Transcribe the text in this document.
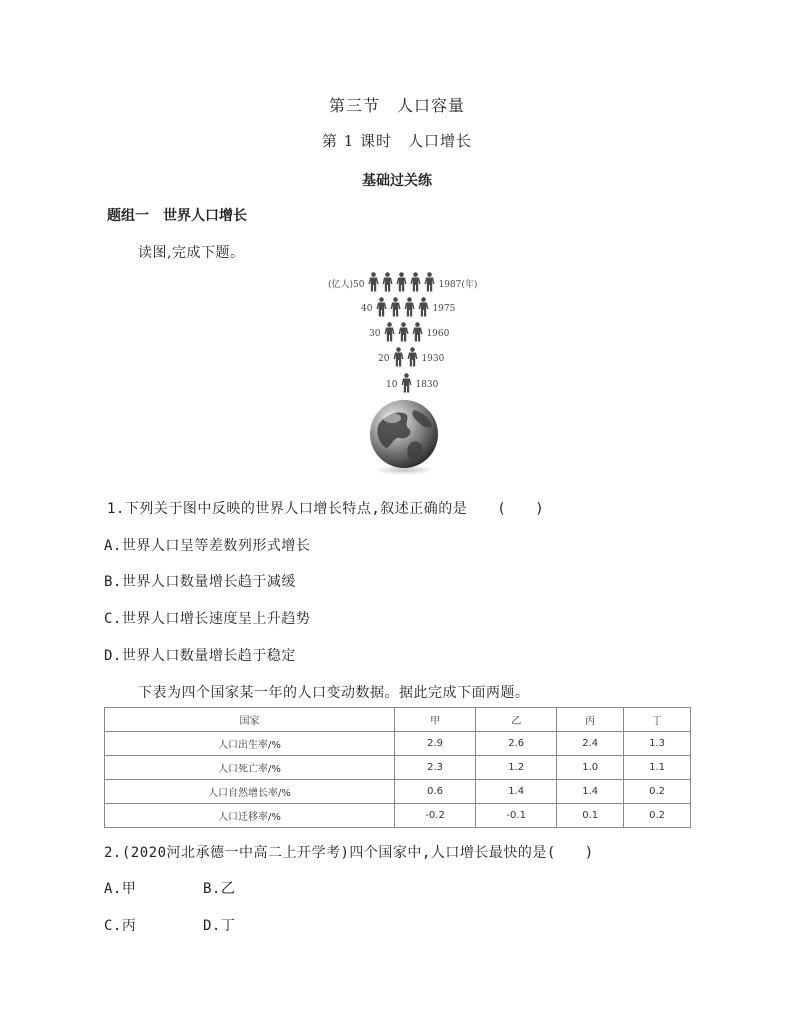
第三节　人口容量
第 1 课时　人口增长
基础过关练
题组一　世界人口增长
读图,完成下题。
(亿人)50	1987(年)
40	1975
30	1960
20	1930
10 1830
1.下列关于图中反映的世界人口增长特点,叙述正确的是 (　　)
A.世界人口呈等差数列形式增长
B.世界人口数量增长趋于减缓
C.世界人口增长速度呈上升趋势
D.世界人口数量增长趋于稳定
下表为四个国家某一年的人口变动数据。据此完成下面两题。
国家	甲	乙	丙	丁
人口出生率/%	2.9	2.6	2.4	1.3
人口死亡率/%	2.3	1.2	1.0	1.1
人口自然增长率/%	0.6	1.4	1.4	0.2
人口迁移率/%	-0.2	-0.1	0.1	0.2
2.(2020河北承德一中高二上开学考)四个国家中,人口增长最快的是(　　)
A.甲	B.乙
C.丙	D.丁
